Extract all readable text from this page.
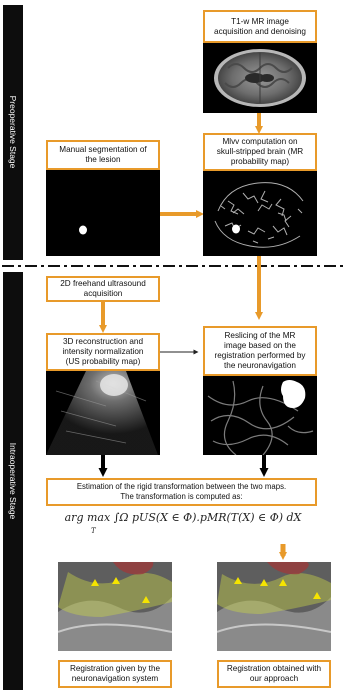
Preoperative Stage
Intraoperative Stage
T1-w MR image
acquisition and denoising
Manual segmentation of
the lesion
Mlvv computation on
skull-stripped brain (MR
probability map)
2D freehand ultrasound
acquisition
3D reconstruction and
intensity normalization
(US probability map)
Reslicing of the MR
image based on the
registration performed by
the neuronavigation
Estimation of the rigid transformation between the two maps.
The transformation is computed as:
arg max ∫Ω pUS(X ∈ Φ).pMR(T(X) ∈ Φ) dX
T
Registration given by the
neuronavigation system
Registration obtained with
our approach
